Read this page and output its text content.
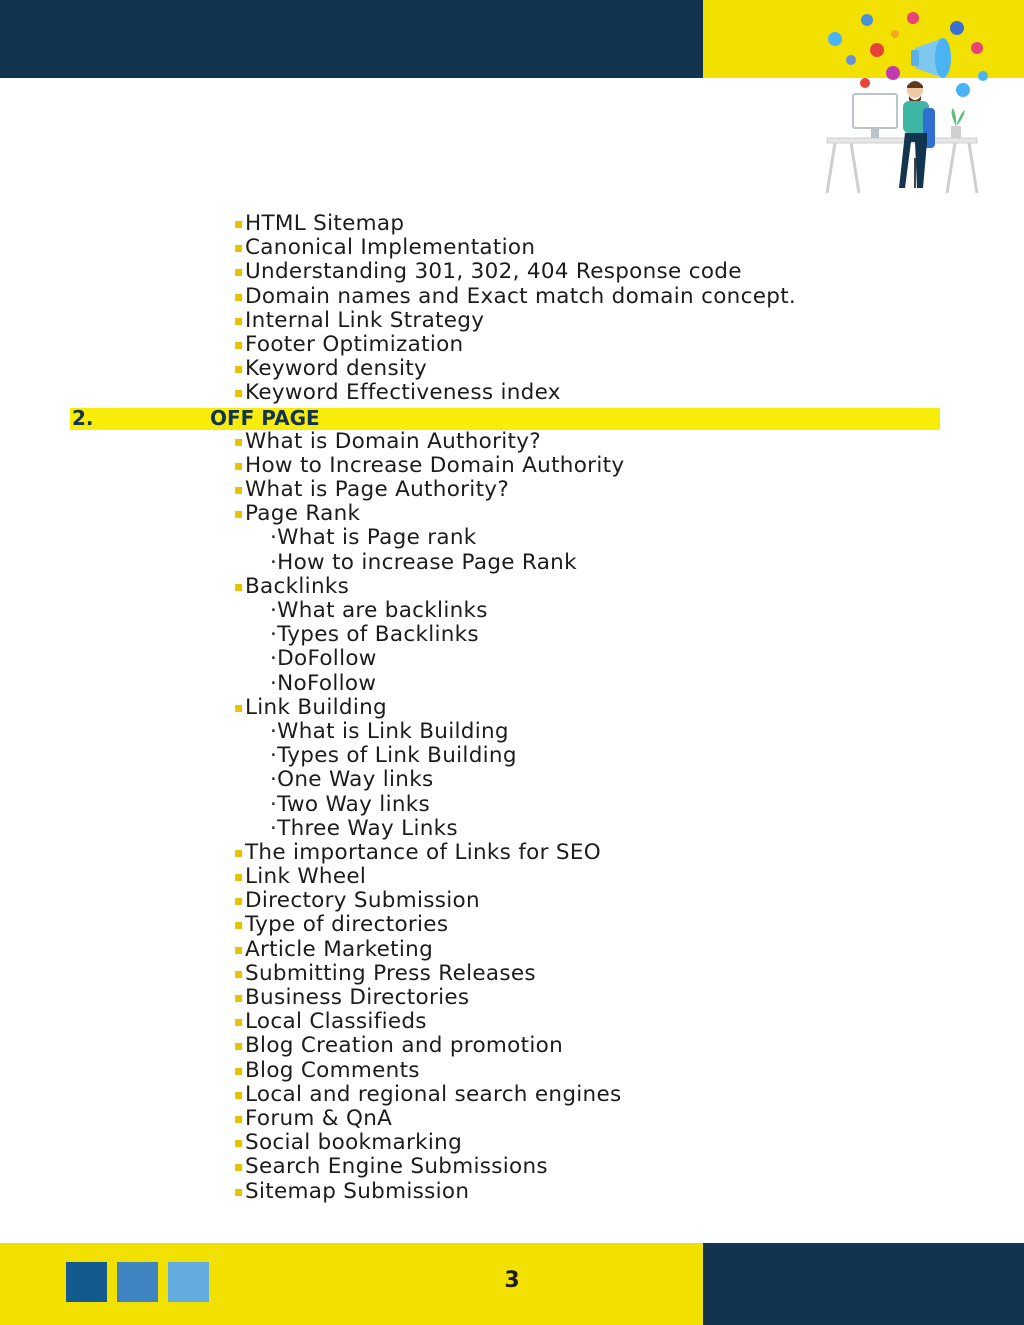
▪ HTML Sitemap
▪ Canonical Implementation
▪ Understanding 301, 302, 404 Response code
▪ Domain names and Exact match domain concept.
▪ Internal Link Strategy
▪ Footer Optimization
▪ Keyword density
▪ Keyword Effectiveness index
2.	OFF PAGE
▪ What is Domain Authority?
▪ How to Increase Domain Authority
▪ What is Page Authority?
▪ Page Rank
·What is Page rank
·How to increase Page Rank
▪ Backlinks
·What are backlinks
·Types of Backlinks
·DoFollow
·NoFollow
▪ Link Building
·What is Link Building
·Types of Link Building
·One Way links
·Two Way links
·Three Way Links
▪ The importance of Links for SEO
▪ Link Wheel
▪ Directory Submission
▪ Type of directories
▪ Article Marketing
▪ Submitting Press Releases
▪ Business Directories
▪ Local Classifieds
▪ Blog Creation and promotion
▪ Blog Comments
▪ Local and regional search engines
▪ Forum & QnA
▪ Social bookmarking
▪ Search Engine Submissions
▪ Sitemap Submission
3
